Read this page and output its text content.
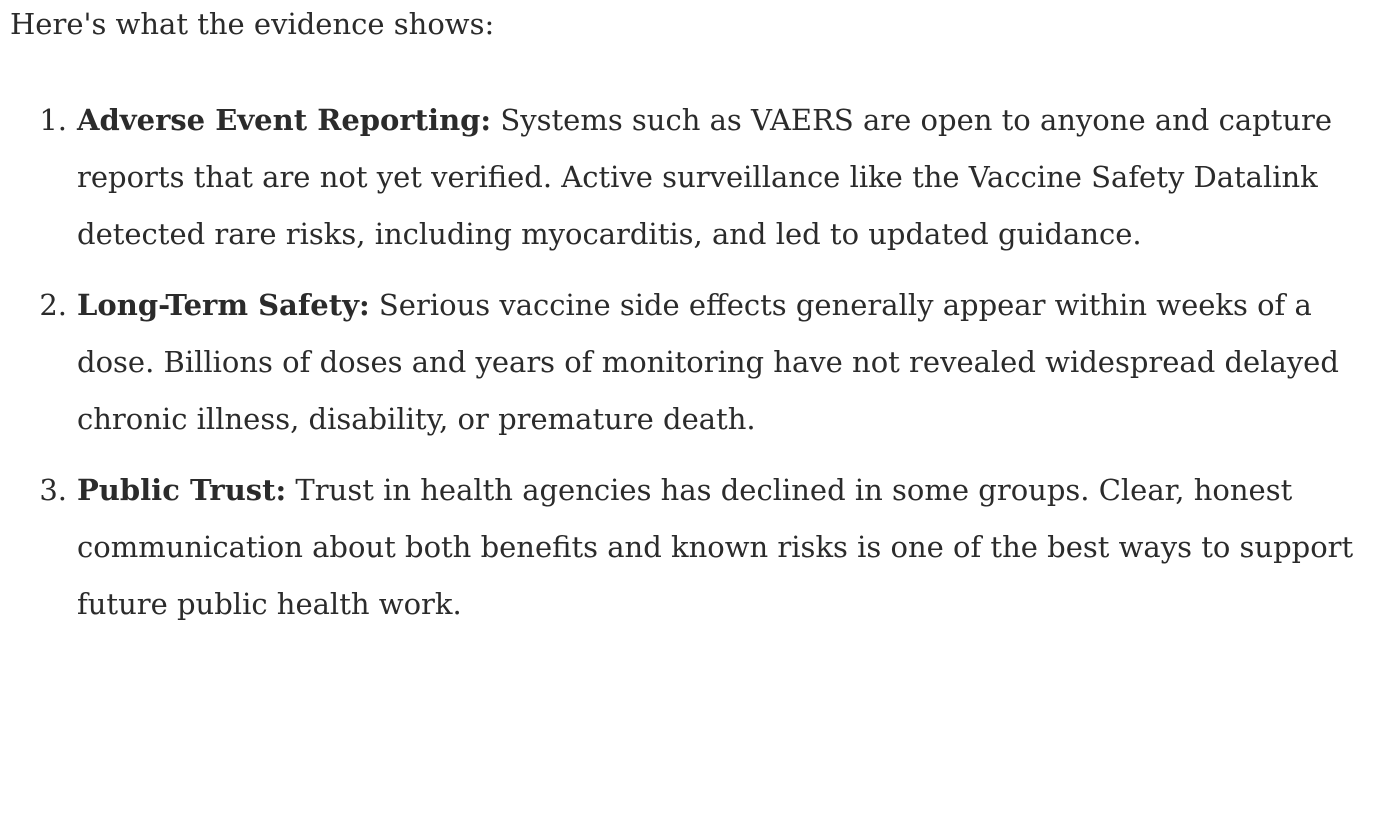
Here's what the evidence shows:

1. Adverse Event Reporting: Systems such as VAERS are open to anyone and capture reports that are not yet verified. Active surveillance like the Vaccine Safety Datalink detected rare risks, including myocarditis, and led to updated guidance.
2. Long-Term Safety: Serious vaccine side effects generally appear within weeks of a dose. Billions of doses and years of monitoring have not revealed widespread delayed chronic illness, disability, or premature death.
3. Public Trust: Trust in health agencies has declined in some groups. Clear, honest communication about both benefits and known risks is one of the best ways to support future public health work.
